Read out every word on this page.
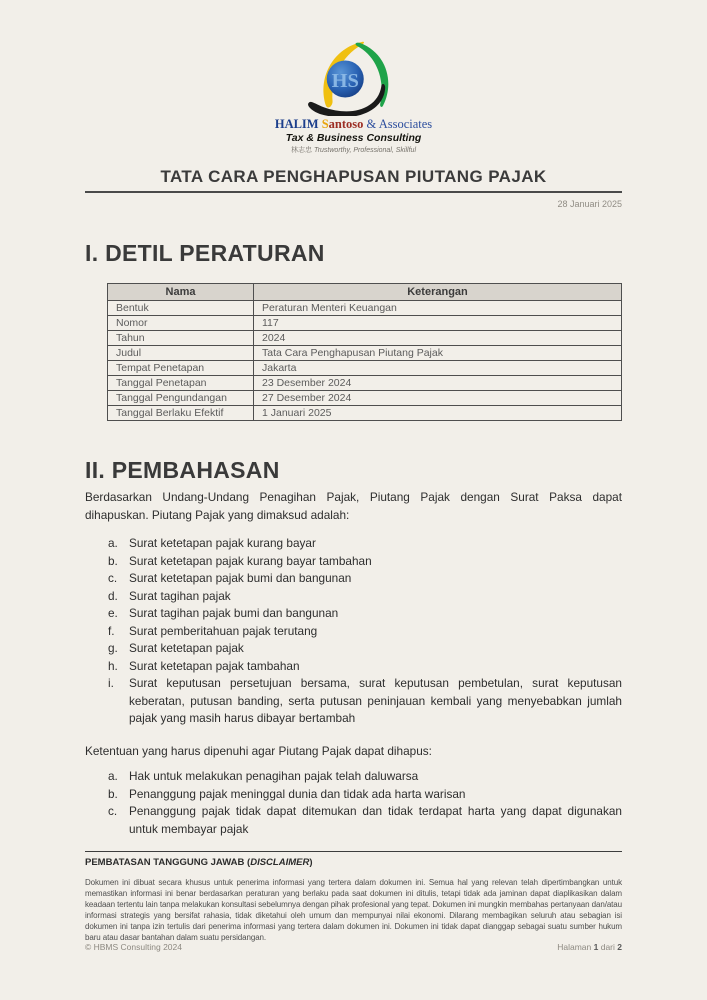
HS
HALIM Santoso & Associates
Tax & Business Consulting
林志忠 Trustworthy, Professional, Skillful
TATA CARA PENGHAPUSAN PIUTANG PAJAK
28 Januari 2025
I. DETIL PERATURAN
Nama	Keterangan
Bentuk	Peraturan Menteri Keuangan
Nomor	117
Tahun	2024
Judul	Tata Cara Penghapusan Piutang Pajak
Tempat Penetapan	Jakarta
Tanggal Penetapan	23 Desember 2024
Tanggal Pengundangan	27 Desember 2024
Tanggal Berlaku Efektif	1 Januari 2025
II. PEMBAHASAN
Berdasarkan Undang-Undang Penagihan Pajak, Piutang Pajak dengan Surat Paksa dapat dihapuskan. Piutang Pajak yang dimaksud adalah:
a. Surat ketetapan pajak kurang bayar
b. Surat ketetapan pajak kurang bayar tambahan
c.	Surat ketetapan pajak bumi dan bangunan
d. Surat tagihan pajak
e. Surat tagihan pajak bumi dan bangunan
f.	Surat pemberitahuan pajak terutang
g. Surat ketetapan pajak
h. Surat ketetapan pajak tambahan
i.	Surat keputusan persetujuan bersama, surat keputusan pembetulan, surat keputusan keberatan, putusan banding, serta putusan peninjauan kembali yang menyebabkan jumlah pajak yang masih harus dibayar bertambah
Ketentuan yang harus dipenuhi agar Piutang Pajak dapat dihapus:
a. Hak untuk melakukan penagihan pajak telah daluwarsa
b. Penanggung pajak meninggal dunia dan tidak ada harta warisan
c.	Penanggung pajak tidak dapat ditemukan dan tidak terdapat harta yang dapat digunakan untuk membayar pajak
PEMBATASAN TANGGUNG JAWAB (DISCLAIMER)
Dokumen ini dibuat secara khusus untuk penerima informasi yang tertera dalam dokumen ini. Semua hal yang relevan telah dipertimbangkan untuk memastikan informasi ini benar berdasarkan peraturan yang berlaku pada saat dokumen ini ditulis, tetapi tidak ada jaminan dapat diaplikasikan dalam keadaan tertentu lain tanpa melakukan konsultasi sebelumnya dengan pihak profesional yang tepat. Dokumen ini mungkin membahas pertanyaan dan/atau informasi strategis yang bersifat rahasia, tidak diketahui oleh umum dan mempunyai nilai ekonomi. Dilarang membagikan seluruh atau sebagian isi dokumen ini tanpa izin tertulis dari penerima informasi yang tertera dalam dokumen ini. Dokumen ini tidak dapat dianggap sebagai suatu sumber hukum baru atau dasar bantahan dalam suatu persidangan.
© HBMS Consulting 2024	Halaman 1 dari 2
